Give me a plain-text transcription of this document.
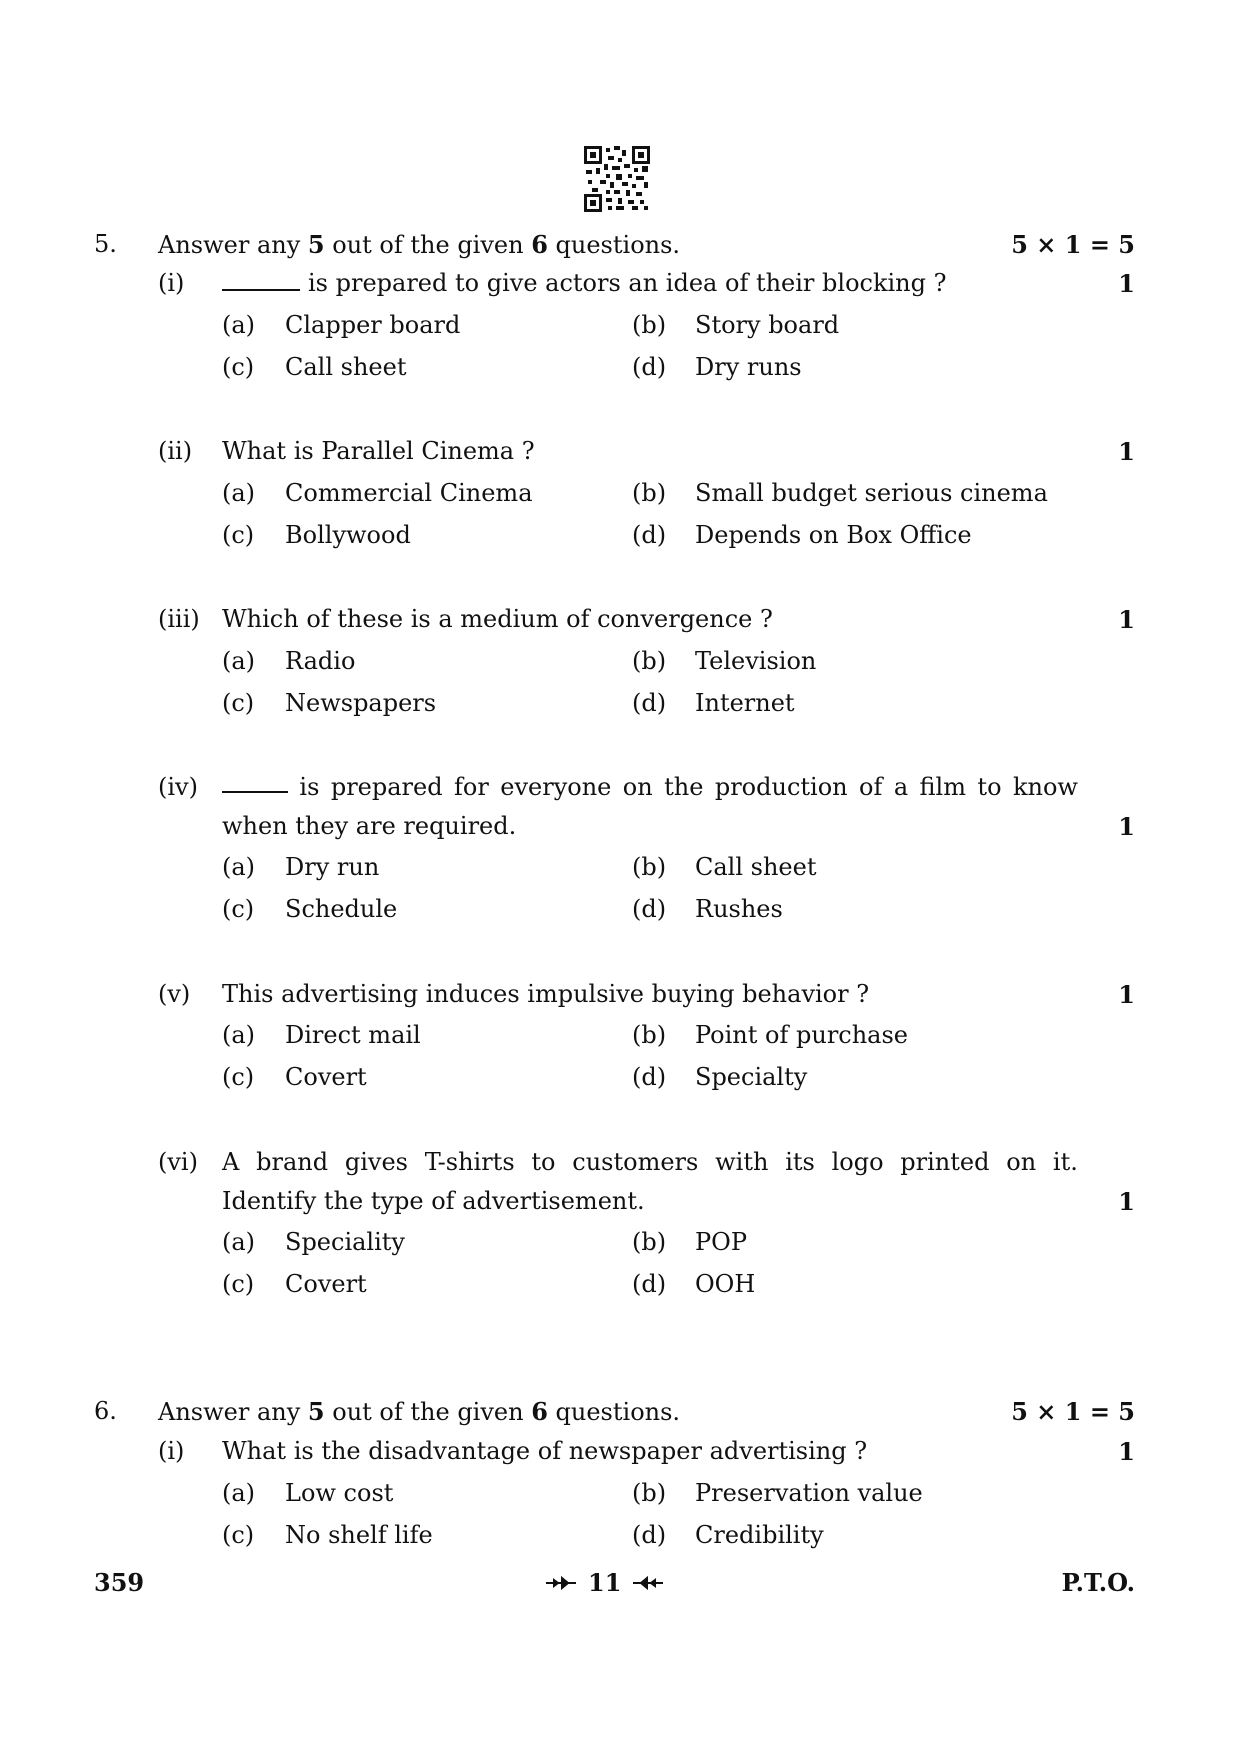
5. Answer any 5 out of the given 6 questions.	5 × 1 = 5
(i)	is prepared to give actors an idea of their blocking ?	1
(a) Clapper board	(b) Story board
(c) Call sheet	(d) Dry runs
(ii) What is Parallel Cinema ?	1
(a) Commercial Cinema	(b) Small budget serious cinema
(c) Bollywood	(d) Depends on Box Office
(iii) Which of these is a medium of convergence ?	1
(a) Radio	(b) Television
(c) Newspapers	(d) Internet
(iv)	is prepared for everyone on the production of a film to know
when they are required.	1
(a) Dry run	(b) Call sheet
(c) Schedule	(d) Rushes
(v) This advertising induces impulsive buying behavior ?	1
(a) Direct mail	(b) Point of purchase
(c) Covert	(d) Specialty
(vi) A brand gives T-shirts to customers with its logo printed on it.
Identify the type of advertisement.	1
(a) Speciality	(b) POP
(c) Covert	(d) OOH
6. Answer any 5 out of the given 6 questions.	5 × 1 = 5
(i) What is the disadvantage of newspaper advertising ?	1
(a) Low cost	(b) Preservation value
(c) No shelf life	(d) Credibility
359	11	P.T.O.
